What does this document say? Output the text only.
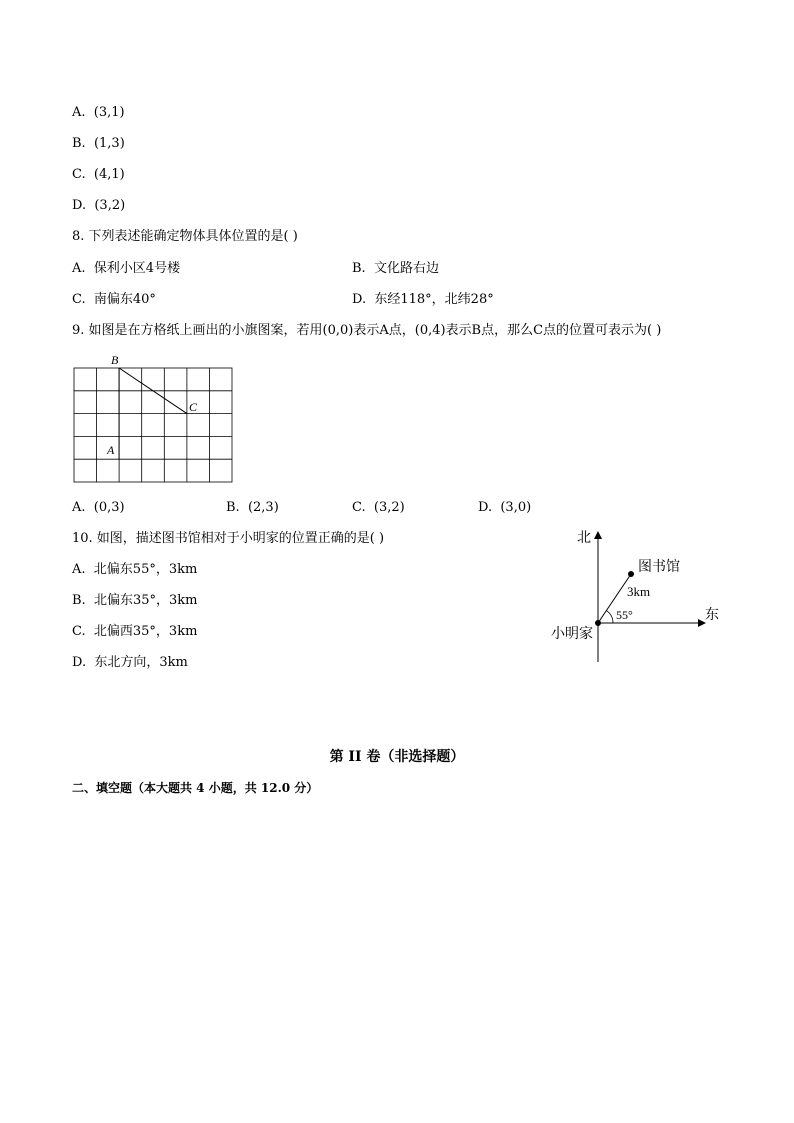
A. (3,1)
B. (1,3)
C. (4,1)
D. (3,2)
8. 下列表述能确定物体具体位置的是( )
A. 保利小区4号楼	B. 文化路右边
C. 南偏东40°	D. 东经118°，北纬28°
9. 如图是在方格纸上画出的小旗图案，若用(0,0)表示A点，(0,4)表示B点，那么C点的位置可表示为( )
B
C
A
A. (0,3)	B. (2,3)	C. (3,2)	D. (3,0)
10. 如图，描述图书馆相对于小明家的位置正确的是( )
A. 北偏东55°，3km
B. 北偏东35°，3km
C. 北偏西35°，3km
D. 东北方向，3km
北
东
图书馆
3km
55°
小明家
第 II 卷（非选择题）
二、填空题（本大题共 4 小题，共 12.0 分）
